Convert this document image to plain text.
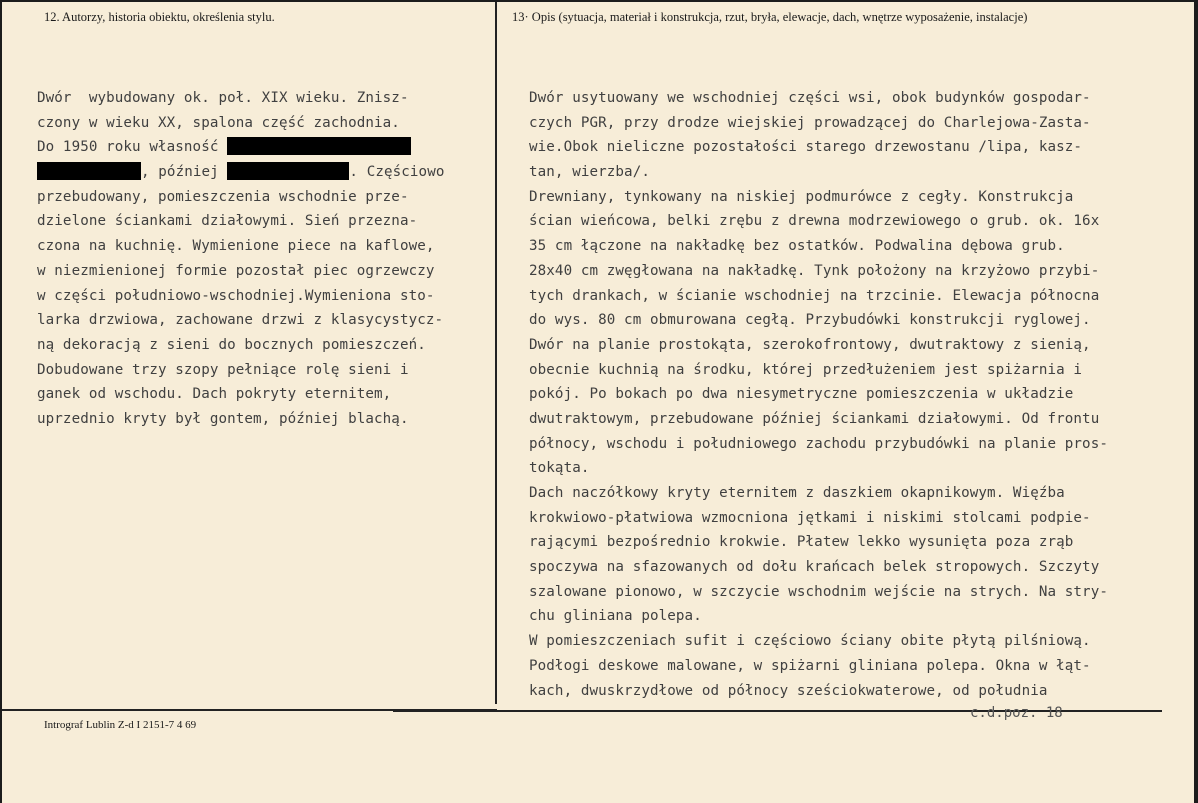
12. Autorzy, historia obiektu, określenia stylu.	13· Opis (sytuacja, materiał i konstrukcja, rzut, bryła, elewacje, dach, wnętrze wyposażenie, instalacje)
Dwór  wybudowany ok. poł. XIX wieku. Znisz-
czony w wieku XX, spalona część zachodnia.
Do 1950 roku własność
, później	. Częściowo
przebudowany, pomieszczenia wschodnie prze-
dzielone ściankami działowymi. Sień przezna-
czona na kuchnię. Wymienione piece na kaflowe,
w niezmienionej formie pozostał piec ogrzewczy
w części południowo-wschodniej.Wymieniona sto-
larka drzwiowa, zachowane drzwi z klasycystycz-
ną dekoracją z sieni do bocznych pomieszczeń.
Dobudowane trzy szopy pełniące rolę sieni i
ganek od wschodu. Dach pokryty eternitem,
uprzednio kryty był gontem, później blachą.
Dwór usytuowany we wschodniej części wsi, obok budynków gospodar-
czych PGR, przy drodze wiejskiej prowadzącej do Charlejowa-Zasta-
wie.Obok nieliczne pozostałości starego drzewostanu /lipa, kasz-
tan, wierzba/.
Drewniany, tynkowany na niskiej podmurówce z cegły. Konstrukcja
ścian wieńcowa, belki zrębu z drewna modrzewiowego o grub. ok. 16x
35 cm łączone na nakładkę bez ostatków. Podwalina dębowa grub.
28x40 cm zwęgłowana na nakładkę. Tynk położony na krzyżowo przybi-
tych drankach, w ścianie wschodniej na trzcinie. Elewacja północna
do wys. 80 cm obmurowana cegłą. Przybudówki konstrukcji ryglowej.
Dwór na planie prostokąta, szerokofrontowy, dwutraktowy z sienią,
obecnie kuchnią na środku, której przedłużeniem jest spiżarnia i
pokój. Po bokach po dwa niesymetryczne pomieszczenia w układzie
dwutraktowym, przebudowane później ściankami działowymi. Od frontu
północy, wschodu i południowego zachodu przybudówki na planie pros-
tokąta.
Dach naczółkowy kryty eternitem z daszkiem okapnikowym. Więźba
krokwiowo-płatwiowa wzmocniona jętkami i niskimi stolcami podpie-
rającymi bezpośrednio krokwie. Płatew lekko wysunięta poza zrąb
spoczywa na sfazowanych od dołu krańcach belek stropowych. Szczyty
szalowane pionowo, w szczycie wschodnim wejście na strych. Na stry-
chu gliniana polepa.
W pomieszczeniach sufit i częściowo ściany obite płytą pilśniową.
Podłogi deskowe malowane, w spiżarni gliniana polepa. Okna w łąt-
kach, dwuskrzydłowe od północy sześciokwaterowe, od południa
c.d.poz. 18
Intrograf Lublin Z-d I 2151-7 4 69
